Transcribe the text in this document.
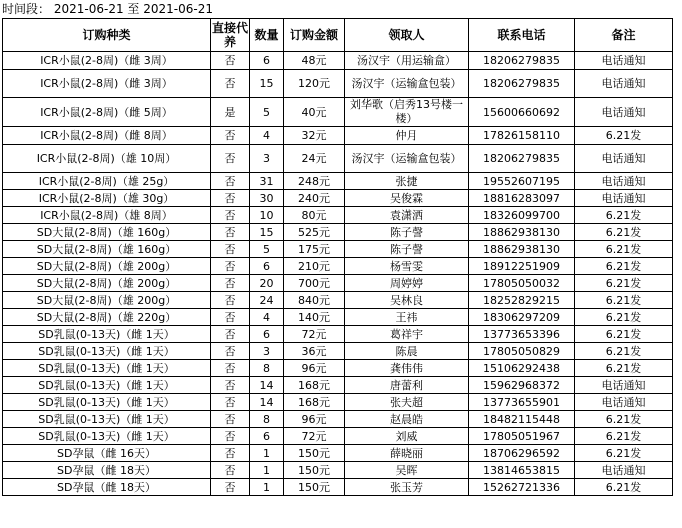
时间段： 2021-06-21 至 2021-06-21
订购种类	直接代养	数量	订购金额	领取人	联系电话	备注
ICR小鼠(2-8周)（雌 3周）	否	6	48元	汤汉宇（用运输盒）	18206279835	电话通知
ICR小鼠(2-8周)（雌 3周）	否	15	120元	汤汉宇（运输盒包装）	18206279835	电话通知
ICR小鼠(2-8周)（雌 5周）	是	5	40元	刘华歌（启秀13号楼一楼）	15600660692	电话通知
ICR小鼠(2-8周)（雌 8周）	否	4	32元	仲月	17826158110	6.21发
ICR小鼠(2-8周)（雄 10周）	否	3	24元	汤汉宇（运输盒包装）	18206279835	电话通知
ICR小鼠(2-8周)（雄 25g）	否	31	248元	张捷	19552607195	电话通知
ICR小鼠(2-8周)（雄 30g）	否	30	240元	吴俊霖	18816283097	电话通知
ICR小鼠(2-8周)（雄 8周）	否	10	80元	袁潇洒	18326099700	6.21发
SD大鼠(2-8周)（雄 160g）	否	15	525元	陈子謦	18862938130	6.21发
SD大鼠(2-8周)（雄 160g）	否	5	175元	陈子謦	18862938130	6.21发
SD大鼠(2-8周)（雄 200g）	否	6	210元	杨雪雯	18912251909	6.21发
SD大鼠(2-8周)（雄 200g）	否	20	700元	周婷婷	17805050032	6.21发
SD大鼠(2-8周)（雄 200g）	否	24	840元	吴林良	18252829215	6.21发
SD大鼠(2-8周)（雄 220g）	否	4	140元	王祎	18306297209	6.21发
SD乳鼠(0-13天)（雌 1天）	否	6	72元	葛祥宇	13773653396	6.21发
SD乳鼠(0-13天)（雌 1天）	否	3	36元	陈晨	17805050829	6.21发
SD乳鼠(0-13天)（雌 1天）	否	8	96元	龚伟伟	15106292438	6.21发
SD乳鼠(0-13天)（雌 1天）	否	14	168元	唐蕾利	15962968372	电话通知
SD乳鼠(0-13天)（雌 1天）	否	14	168元	张夫超	13773655901	电话通知
SD乳鼠(0-13天)（雌 1天）	否	8	96元	赵晨皓	18482115448	6.21发
SD乳鼠(0-13天)（雌 1天）	否	6	72元	刘威	17805051967	6.21发
SD孕鼠（雌 16天）	否	1	150元	薛晓丽	18706296592	6.21发
SD孕鼠（雌 18天）	否	1	150元	吴晖	13814653815	电话通知
SD孕鼠（雌 18天）	否	1	150元	张玉芳	15262721336	6.21发
